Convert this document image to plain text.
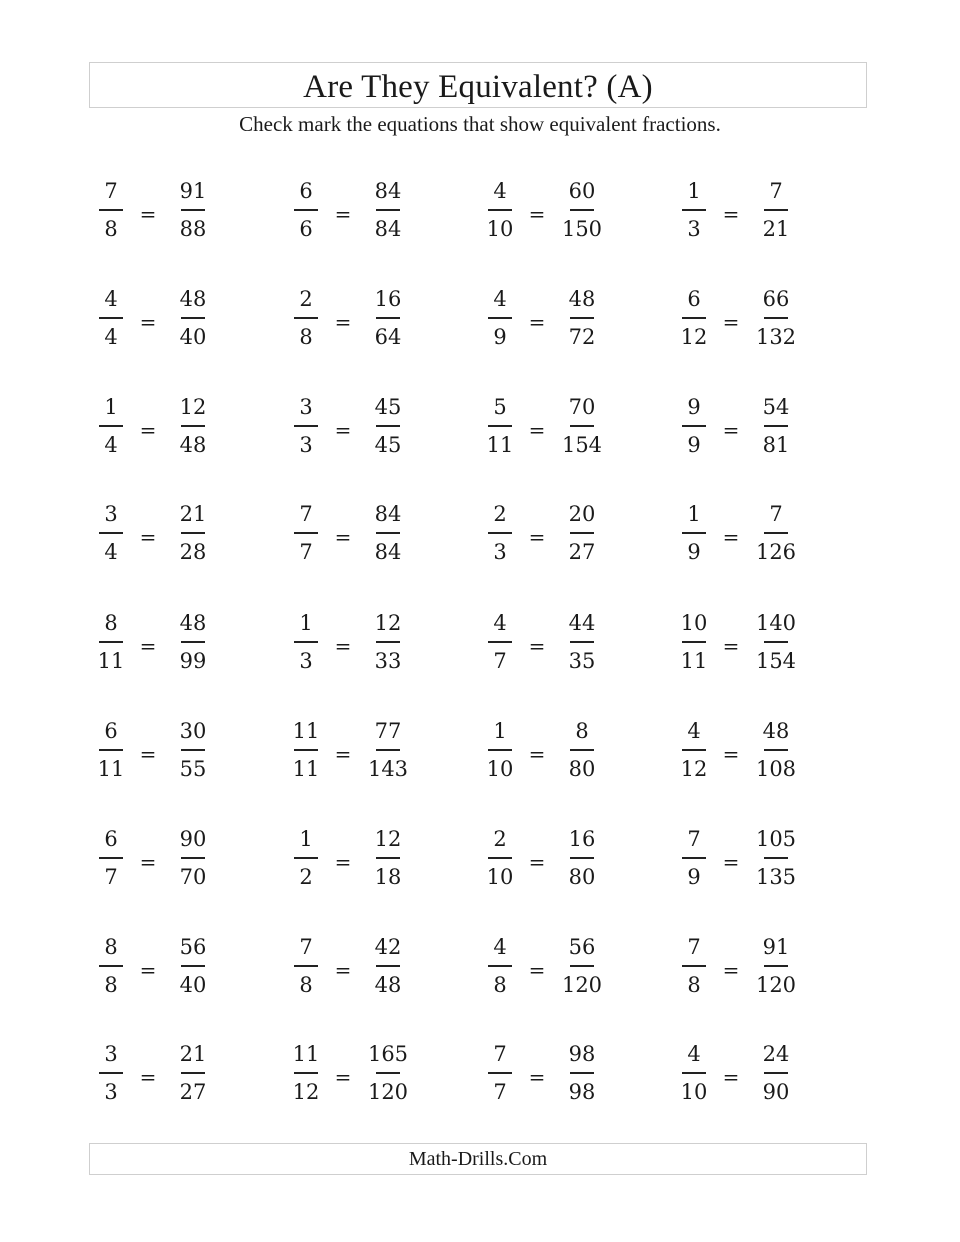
Are They Equivalent? (A)
Check mark the equations that show equivalent fractions.
7
8
=
91
88
6
6
=
84
84
4
10
=
60
150
1
3
=
7
21
4
4
=
48
40
2
8
=
16
64
4
9
=
48
72
6
12
=
66
132
1
4
=
12
48
3
3
=
45
45
5
11
=
70
154
9
9
=
54
81
3
4
=
21
28
7
7
=
84
84
2
3
=
20
27
1
9
=
7
126
8
11
=
48
99
1
3
=
12
33
4
7
=
44
35
10
11
=
140
154
6
11
=
30
55
11
11
=
77
143
1
10
=
8
80
4
12
=
48
108
6
7
=
90
70
1
2
=
12
18
2
10
=
16
80
7
9
=
105
135
8
8
=
56
40
7
8
=
42
48
4
8
=
56
120
7
8
=
91
120
3
3
=
21
27
11
12
=
165
120
7
7
=
98
98
4
10
=
24
90
Math-Drills.Com
